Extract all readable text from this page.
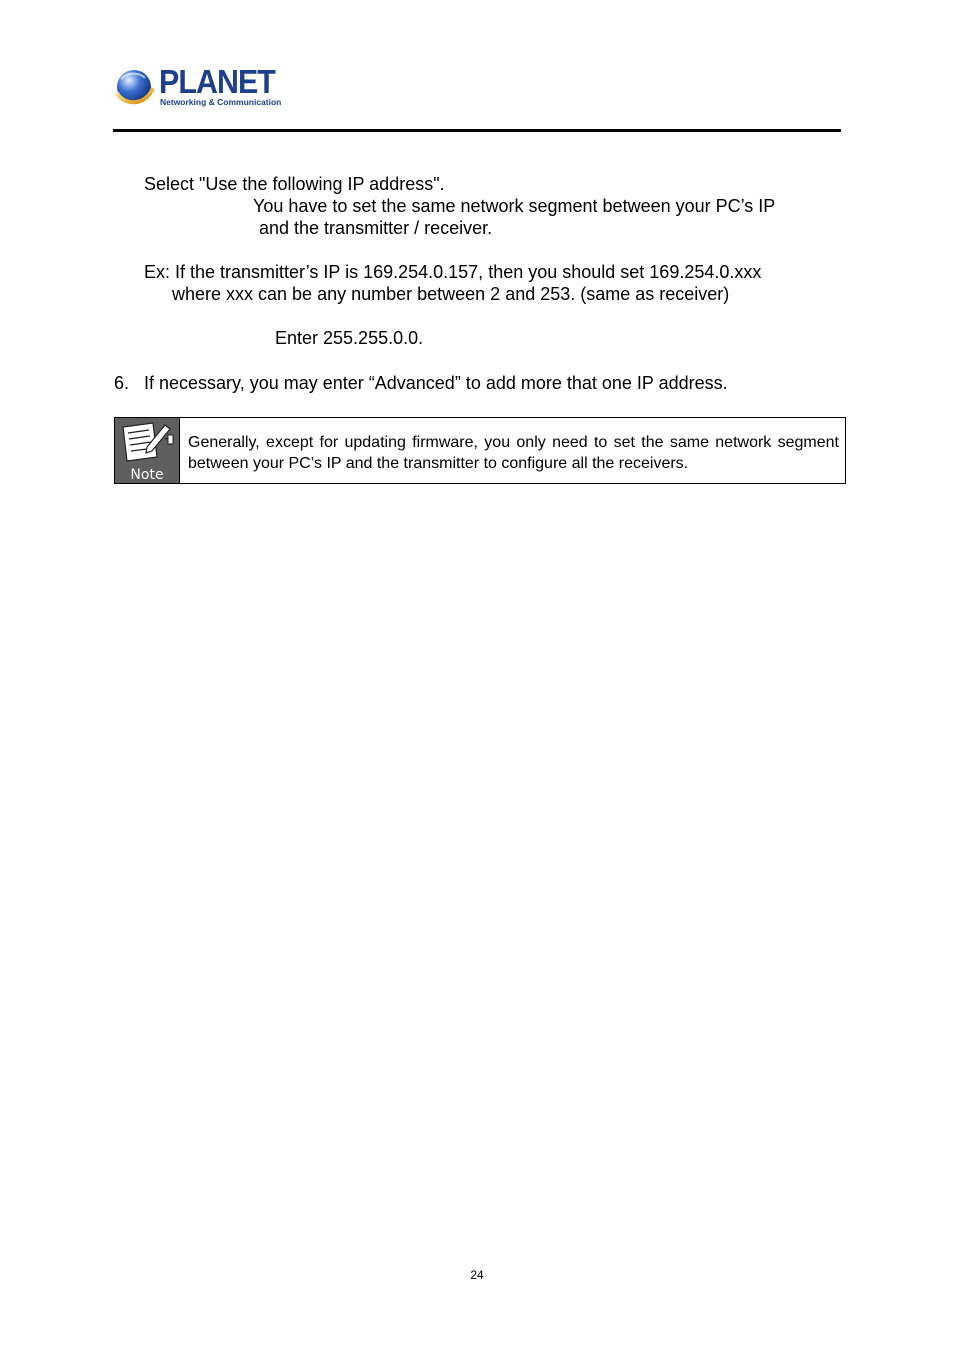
PLANET
Networking & Communication
Select "Use the following IP address".
You have to set the same network segment between your PC’s IP
and the transmitter / receiver.
Ex: If the transmitter’s IP is 169.254.0.157, then you should set 169.254.0.xxx
where xxx can be any number between 2 and 253. (same as receiver)
Enter 255.255.0.0.
6. If necessary, you may enter “Advanced” to add more that one IP address.
Note
Generally, except for updating firmware, you only need to set the same network segment between your PC’s IP and the transmitter to configure all the receivers.
24
